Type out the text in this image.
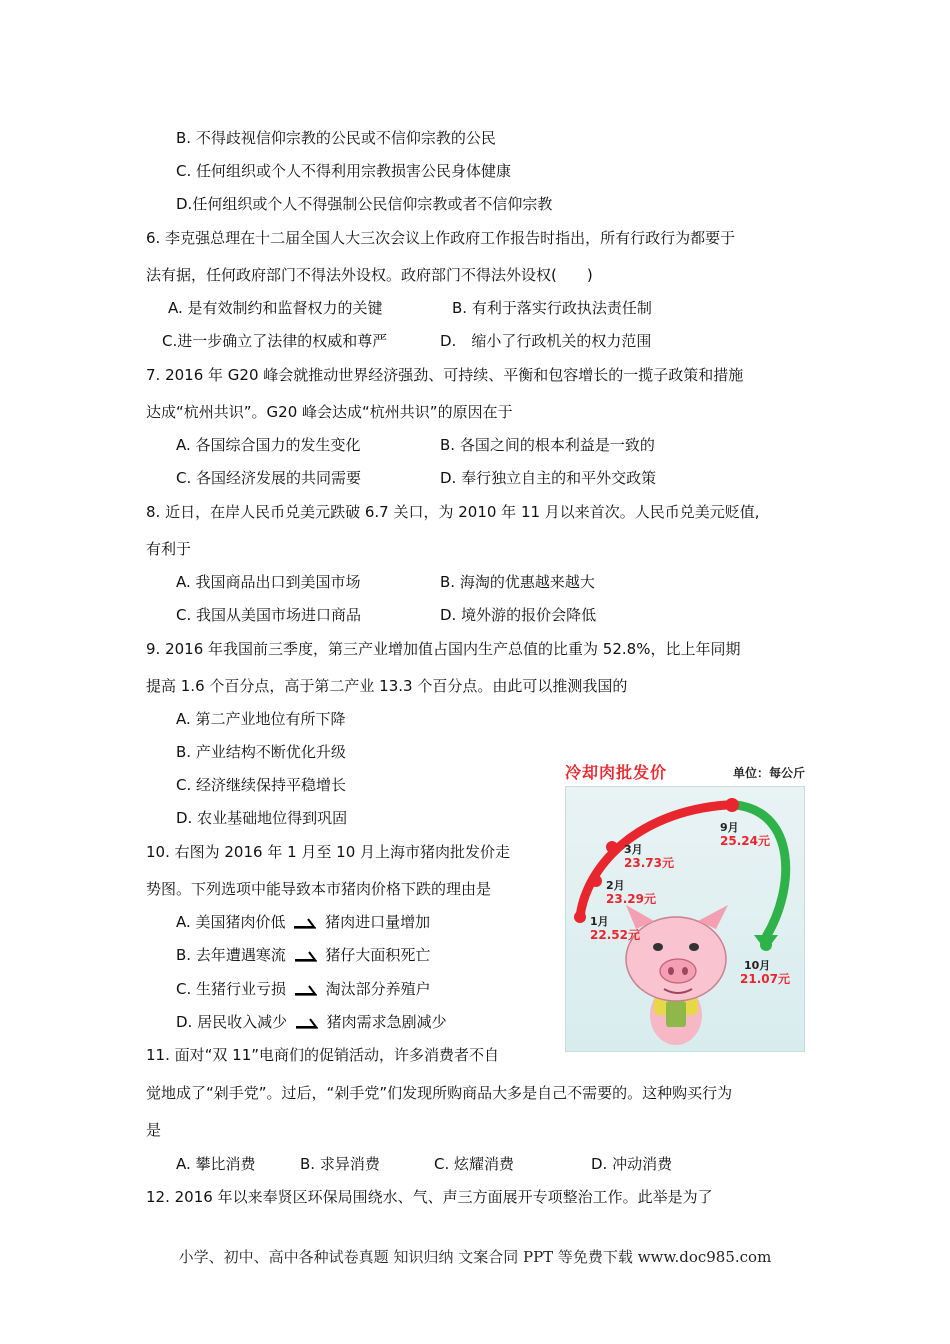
B. 不得歧视信仰宗教的公民或不信仰宗教的公民
C. 任何组织或个人不得利用宗教损害公民身体健康
D.任何组织或个人不得强制公民信仰宗教或者不信仰宗教
6. 李克强总理在十二届全国人大三次会议上作政府工作报告时指出，所有行政行为都要于
法有据，任何政府部门不得法外设权。政府部门不得法外设权(　　)
A. 是有效制约和监督权力的关键	B. 有利于落实行政执法责任制
C.进一步确立了法律的权威和尊严	D.　缩小了行政机关的权力范围
7. 2016 年 G20 峰会就推动世界经济强劲、可持续、平衡和包容增长的一揽子政策和措施
达成“杭州共识”。G20 峰会达成“杭州共识”的原因在于
A. 各国综合国力的发生变化	B. 各国之间的根本利益是一致的
C. 各国经济发展的共同需要	D. 奉行独立自主的和平外交政策
8. 近日，在岸人民币兑美元跌破 6.7 关口，为 2010 年 11 月以来首次。人民币兑美元贬值,
有利于
A. 我国商品出口到美国市场	B. 海淘的优惠越来越大
C. 我国从美国市场进口商品	D. 境外游的报价会降低
9. 2016 年我国前三季度，第三产业增加值占国内生产总值的比重为 52.8%，比上年同期
提高 1.6 个百分点，高于第二产业 13.3 个百分点。由此可以推测我国的
A. 第二产业地位有所下降
B. 产业结构不断优化升级
C. 经济继续保持平稳增长
D. 农业基础地位得到巩固
10. 右图为 2016 年 1 月至 10 月上海市猪肉批发价走
势图。下列选项中能导致本市猪肉价格下跌的理由是
A. 美国猪肉价低	猪肉进口量增加
B. 去年遭遇寒流	猪仔大面积死亡
C. 生猪行业亏损	淘汰部分养殖户
D. 居民收入减少	猪肉需求急剧减少
11. 面对“双 11”电商们的促销活动，许多消费者不自
觉地成了“剁手党”。过后，“剁手党”们发现所购商品大多是自己不需要的。这种购买行为
是
A. 攀比消费	B. 求异消费	C. 炫耀消费	D. 冲动消费
12. 2016 年以来奉贤区环保局围绕水、气、声三方面展开专项整治工作。此举是为了
冷却肉批发价	单位：每公斤
1月
22.52元
2月
23.29元
3月
23.73元
9月
25.24元
10月
21.07元
小学、初中、高中各种试卷真题 知识归纳 文案合同 PPT 等免费下载 www.doc985.com
